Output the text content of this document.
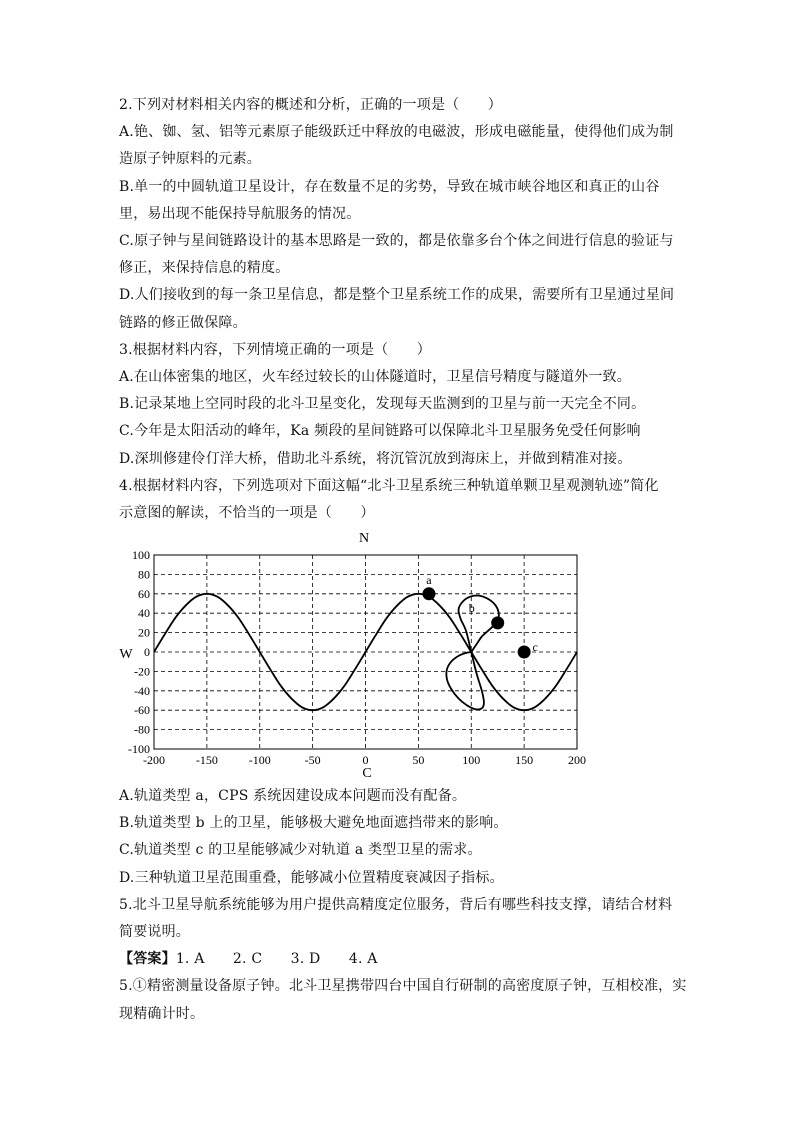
2.下列对材料相关内容的概述和分析，正确的一项是（　　）
A.铯、铷、氢、铝等元素原子能级跃迁中释放的电磁波，形成电磁能量，使得他们成为制
造原子钟原料的元素。
B.单一的中圆轨道卫星设计，存在数量不足的劣势，导致在城市峡谷地区和真正的山谷
里，易出现不能保持导航服务的情况。
C.原子钟与星间链路设计的基本思路是一致的，都是依靠多台个体之间进行信息的验证与
修正，来保持信息的精度。
D.人们接收到的每一条卫星信息，都是整个卫星系统工作的成果，需要所有卫星通过星间
链路的修正做保障。
3.根据材料内容，下列情境正确的一项是（　　）
A.在山体密集的地区，火车经过较长的山体隧道时，卫星信号精度与隧道外一致。
B.记录某地上空同时段的北斗卫星变化，发现每天监测到的卫星与前一天完全不同。
C.今年是太阳活动的峰年，Ka 频段的星间链路可以保障北斗卫星服务免受任何影响
D.深圳修建伶仃洋大桥，借助北斗系统，将沉管沉放到海床上，并做到精准对接。
4.根据材料内容，下列选项对下面这幅“北斗卫星系统三种轨道单颗卫星观测轨迹”简化
示意图的解读，不恰当的一项是（　　）
-200	-150	-100	-50	0	50	100	150	200
100
80
60
40
20
0
-20
-40
-60
-80
-100
a
b
c
N
W
C
A.轨道类型 a，CPS 系统因建设成本问题而没有配备。
B.轨道类型 b 上的卫星，能够极大避免地面遮挡带来的影响。
C.轨道类型 c 的卫星能够减少对轨道 a 类型卫星的需求。
D.三种轨道卫星范围重叠，能够减小位置精度衰减因子指标。
5.北斗卫星导航系统能够为用户提供高精度定位服务，背后有哪些科技支撑，请结合材料
简要说明。
【答案】1. A　　2. C　　3. D　　4. A
5.①精密测量设备原子钟。北斗卫星携带四台中国自行研制的高密度原子钟，互相校准，实
现精确计时。
